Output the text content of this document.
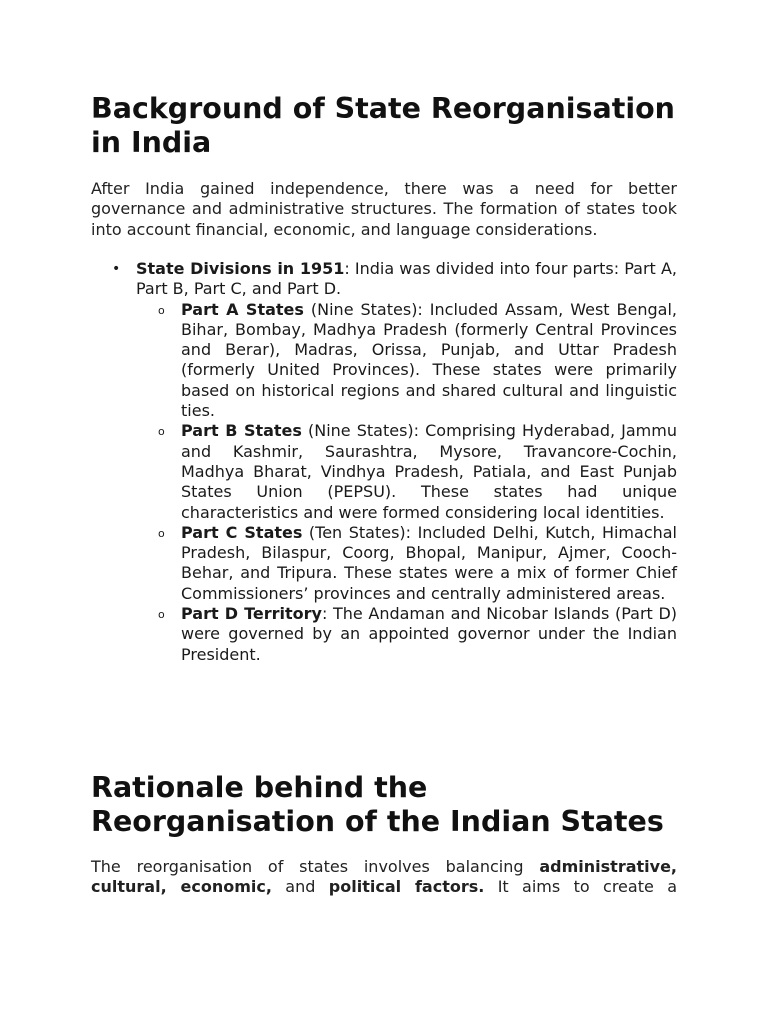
Background of State Reorganisation in India

After India gained independence, there was a need for better governance and administrative structures. The formation of states took into account financial, economic, and language considerations.

• State Divisions in 1951: India was divided into four parts: Part A, Part B, Part C, and Part D.
o Part A States (Nine States): Included Assam, West Bengal, Bihar, Bombay, Madhya Pradesh (formerly Central Provinces and Berar), Madras, Orissa, Punjab, and Uttar Pradesh (formerly United Provinces). These states were primarily based on historical regions and shared cultural and linguistic ties.
o Part B States (Nine States): Comprising Hyderabad, Jammu and Kashmir, Saurashtra, Mysore, Travancore-Cochin, Madhya Bharat, Vindhya Pradesh, Patiala, and East Punjab States Union (PEPSU). These states had unique characteristics and were formed considering local identities.
o Part C States (Ten States): Included Delhi, Kutch, Himachal Pradesh, Bilaspur, Coorg, Bhopal, Manipur, Ajmer, Cooch-Behar, and Tripura. These states were a mix of former Chief Commissioners’ provinces and centrally administered areas.
o Part D Territory: The Andaman and Nicobar Islands (Part D) were governed by an appointed governor under the Indian President.
Rationale behind the Reorganisation of the Indian States

The reorganisation of states involves balancing administrative, cultural, economic, and political factors. It aims to create a
